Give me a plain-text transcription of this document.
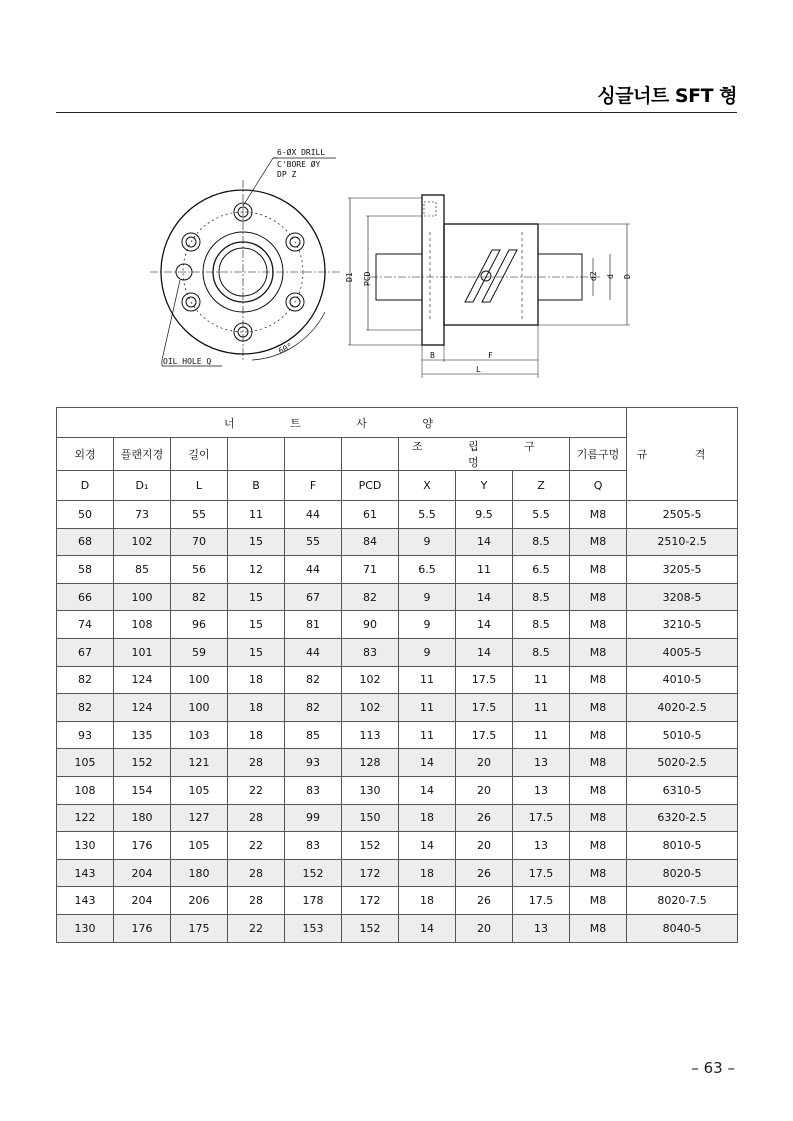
싱글너트 SFT 형
6-ØX DRILL
C'BORE ØY
DP Z
OIL HOLE Q
60°
D1 PCD
B	F
L
d2 d D
너 트 사 양										규 격
외경	플랜지경	길이				조 립 구 멍			기름구멍	
D	D₁	L	B	F	PCD	X	Y	Z	Q	
50	73	55	11	44	61	5.5	9.5	5.5	M8	2505-5
68	102	70	15	55	84	9	14	8.5	M8	2510-2.5
58	85	56	12	44	71	6.5	11	6.5	M8	3205-5
66	100	82	15	67	82	9	14	8.5	M8	3208-5
74	108	96	15	81	90	9	14	8.5	M8	3210-5
67	101	59	15	44	83	9	14	8.5	M8	4005-5
82	124	100	18	82	102	11	17.5	11	M8	4010-5
82	124	100	18	82	102	11	17.5	11	M8	4020-2.5
93	135	103	18	85	113	11	17.5	11	M8	5010-5
105	152	121	28	93	128	14	20	13	M8	5020-2.5
108	154	105	22	83	130	14	20	13	M8	6310-5
122	180	127	28	99	150	18	26	17.5	M8	6320-2.5
130	176	105	22	83	152	14	20	13	M8	8010-5
143	204	180	28	152	172	18	26	17.5	M8	8020-5
143	204	206	28	178	172	18	26	17.5	M8	8020-7.5
130	176	175	22	153	152	14	20	13	M8	8040-5
– 63 –
